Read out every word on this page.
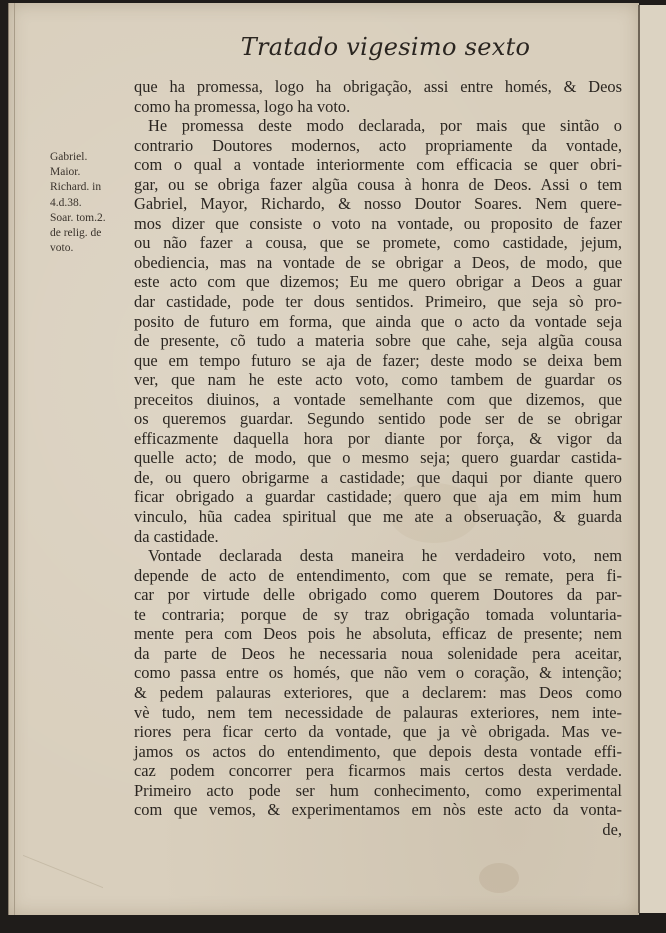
Tratado vigesimo sexto
Gabriel.
Maior.
Richard. in
4.d.38.
Soar. tom.2.
de relig. de
voto.
que ha promessa, logo ha obrigação, assi entre homés, & Deos
como ha promessa, logo ha voto.
He promessa deste modo declarada, por mais que sintão o
contrario Doutores modernos, acto propriamente da vontade,
com o qual a vontade interiormente com efficacia se quer obri-
gar, ou se obriga fazer algũa cousa à honra de Deos. Assi o tem
Gabriel, Mayor, Richardo, & nosso Doutor Soares. Nem quere-
mos dizer que consiste o voto na vontade, ou proposito de fazer
ou não fazer a cousa, que se promete, como castidade, jejum,
obediencia, mas na vontade de se obrigar a Deos, de modo, que
este acto com que dizemos; Eu me quero obrigar a Deos a guar
dar castidade, pode ter dous sentidos. Primeiro, que seja sò pro-
posito de futuro em forma, que ainda que o acto da vontade seja
de presente, cõ tudo a materia sobre que cahe, seja algũa cousa
que em tempo futuro se aja de fazer; deste modo se deixa bem
ver, que nam he este acto voto, como tambem de guardar os
preceitos diuinos, a vontade semelhante com que dizemos, que
os queremos guardar. Segundo sentido pode ser de se obrigar
efficazmente daquella hora por diante por força, & vigor da
quelle acto; de modo, que o mesmo seja; quero guardar castida-
de, ou quero obrigarme a castidade; que daqui por diante quero
ficar obrigado a guardar castidade; quero que aja em mim hum
vinculo, hũa cadea spiritual que me ate a obseruação, & guarda
da castidade.
Vontade declarada desta maneira he verdadeiro voto, nem
depende de acto de entendimento, com que se remate, pera fi-
car por virtude delle obrigado como querem Doutores da par-
te contraria; porque de sy traz obrigação tomada voluntaria-
mente pera com Deos pois he absoluta, efficaz de presente; nem
da parte de Deos he necessaria noua solenidade pera aceitar,
como passa entre os homés, que não vem o coração, & intenção;
& pedem palauras exteriores, que a declarem: mas Deos como
vè tudo, nem tem necessidade de palauras exteriores, nem inte-
riores pera ficar certo da vontade, que ja vè obrigada. Mas ve-
jamos os actos do entendimento, que depois desta vontade effi-
caz podem concorrer pera ficarmos mais certos desta verdade.
Primeiro acto pode ser hum conhecimento, como experimental
com que vemos, & experimentamos em nòs este acto da vonta-
de,
